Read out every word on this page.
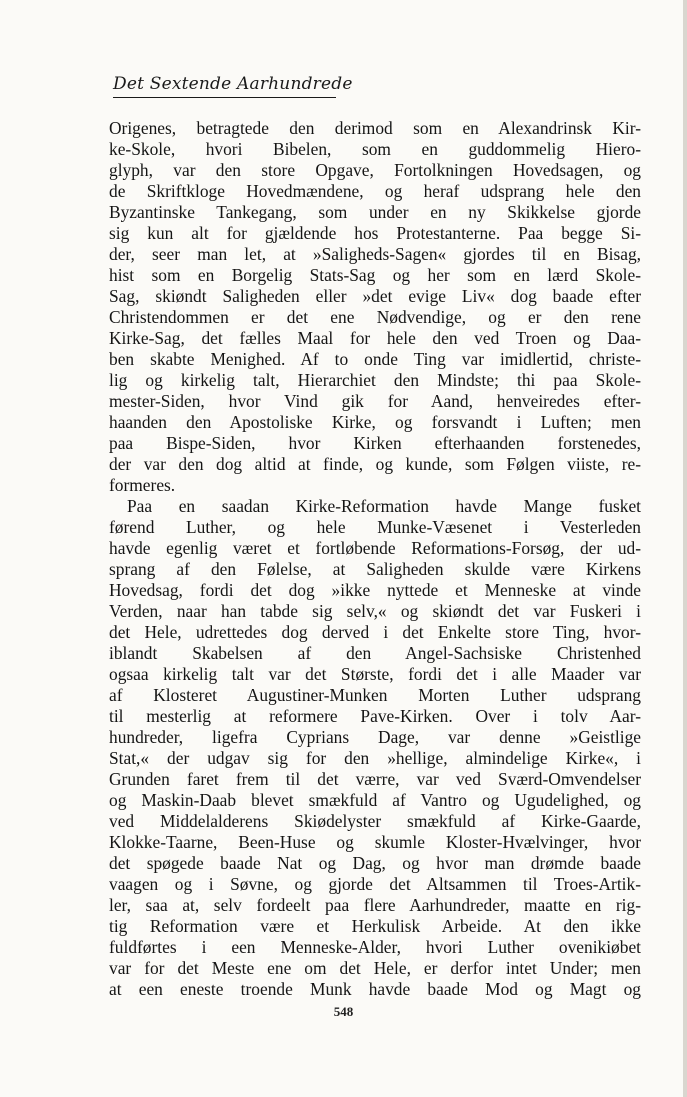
Det Sextende Aarhundrede
Origenes, betragtede den derimod som en Alexandrinsk Kir-
ke-Skole, hvori Bibelen, som en guddommelig Hiero-
glyph, var den store Opgave, Fortolkningen Hovedsagen, og
de Skriftkloge Hovedmændene, og heraf udsprang hele den
Byzantinske Tankegang, som under en ny Skikkelse gjorde
sig kun alt for gjældende hos Protestanterne. Paa begge Si-
der, seer man let, at »Saligheds-Sagen« gjordes til en Bisag,
hist som en Borgelig Stats-Sag og her som en lærd Skole-
Sag, skiøndt Saligheden eller »det evige Liv« dog baade efter
Christendommen er det ene Nødvendige, og er den rene
Kirke-Sag, det fælles Maal for hele den ved Troen og Daa-
ben skabte Menighed. Af to onde Ting var imidlertid, christe-
lig og kirkelig talt, Hierarchiet den Mindste; thi paa Skole-
mester-Siden, hvor Vind gik for Aand, henveiredes efter-
haanden den Apostoliske Kirke, og forsvandt i Luften; men
paa Bispe-Siden, hvor Kirken efterhaanden forstenedes,
der var den dog altid at finde, og kunde, som Følgen viiste, re-
formeres.
Paa en saadan Kirke-Reformation havde Mange fusket
førend Luther, og hele Munke-Væsenet i Vesterleden
havde egenlig været et fortløbende Reformations-Forsøg, der ud-
sprang af den Følelse, at Saligheden skulde være Kirkens
Hovedsag, fordi det dog »ikke nyttede et Menneske at vinde
Verden, naar han tabde sig selv,« og skiøndt det var Fuskeri i
det Hele, udrettedes dog derved i det Enkelte store Ting, hvor-
iblandt Skabelsen af den Angel-Sachsiske Christenhed
ogsaa kirkelig talt var det Største, fordi det i alle Maader var
af Klosteret Augustiner-Munken Morten Luther udsprang
til mesterlig at reformere Pave-Kirken. Over i tolv Aar-
hundreder, ligefra Cyprians Dage, var denne »Geistlige
Stat,« der udgav sig for den »hellige, almindelige Kirke«, i
Grunden faret frem til det værre, var ved Sværd-Omvendelser
og Maskin-Daab blevet smækfuld af Vantro og Ugudelighed, og
ved Middelalderens Skiødelyster smækfuld af Kirke-Gaarde,
Klokke-Taarne, Been-Huse og skumle Kloster-Hvælvinger, hvor
det spøgede baade Nat og Dag, og hvor man drømde baade
vaagen og i Søvne, og gjorde det Altsammen til Troes-Artik-
ler, saa at, selv fordeelt paa flere Aarhundreder, maatte en rig-
tig Reformation være et Herkulisk Arbeide. At den ikke
fuldførtes i een Menneske-Alder, hvori Luther ovenikiøbet
var for det Meste ene om det Hele, er derfor intet Under; men
at een eneste troende Munk havde baade Mod og Magt og
548
